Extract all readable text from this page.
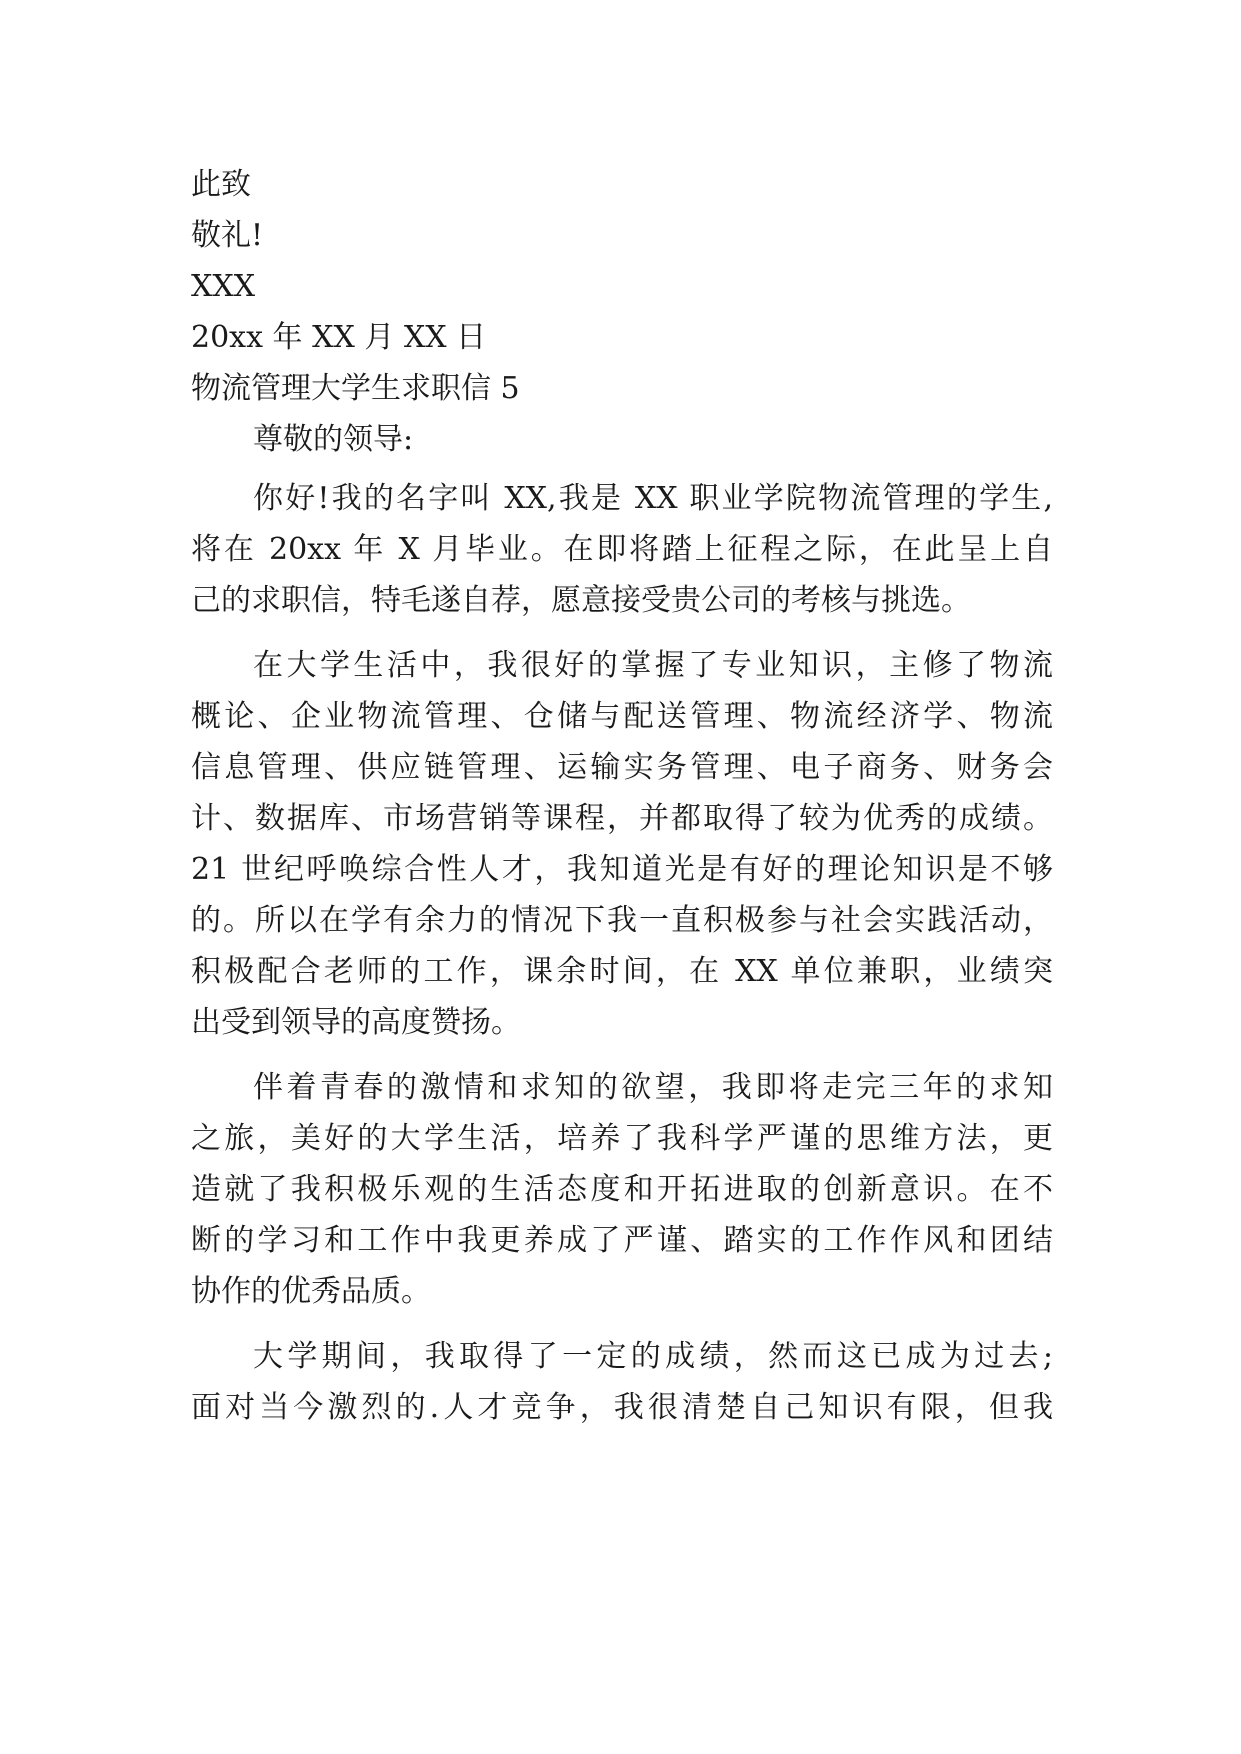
此致
敬礼!
XXX
20xx 年 XX 月 XX 日
物流管理大学生求职信 5
尊敬的领导:
你好!我的名字叫 XX,我是 XX 职业学院物流管理的学生,
将在 20xx 年 X 月毕业。在即将踏上征程之际，在此呈上自
己的求职信，特毛遂自荐，愿意接受贵公司的考核与挑选。
在大学生活中，我很好的掌握了专业知识，主修了物流
概论、企业物流管理、仓储与配送管理、物流经济学、物流
信息管理、供应链管理、运输实务管理、电子商务、财务会
计、数据库、市场营销等课程，并都取得了较为优秀的成绩。
21 世纪呼唤综合性人才，我知道光是有好的理论知识是不够
的。所以在学有余力的情况下我一直积极参与社会实践活动，
积极配合老师的工作，课余时间，在 XX 单位兼职，业绩突
出受到领导的高度赞扬。
伴着青春的激情和求知的欲望，我即将走完三年的求知
之旅，美好的大学生活，培养了我科学严谨的思维方法，更
造就了我积极乐观的生活态度和开拓进取的创新意识。在不
断的学习和工作中我更养成了严谨、踏实的工作作风和团结
协作的优秀品质。
大学期间，我取得了一定的成绩，然而这已成为过去;
面对当今激烈的.人才竞争，我很清楚自己知识有限，但我
